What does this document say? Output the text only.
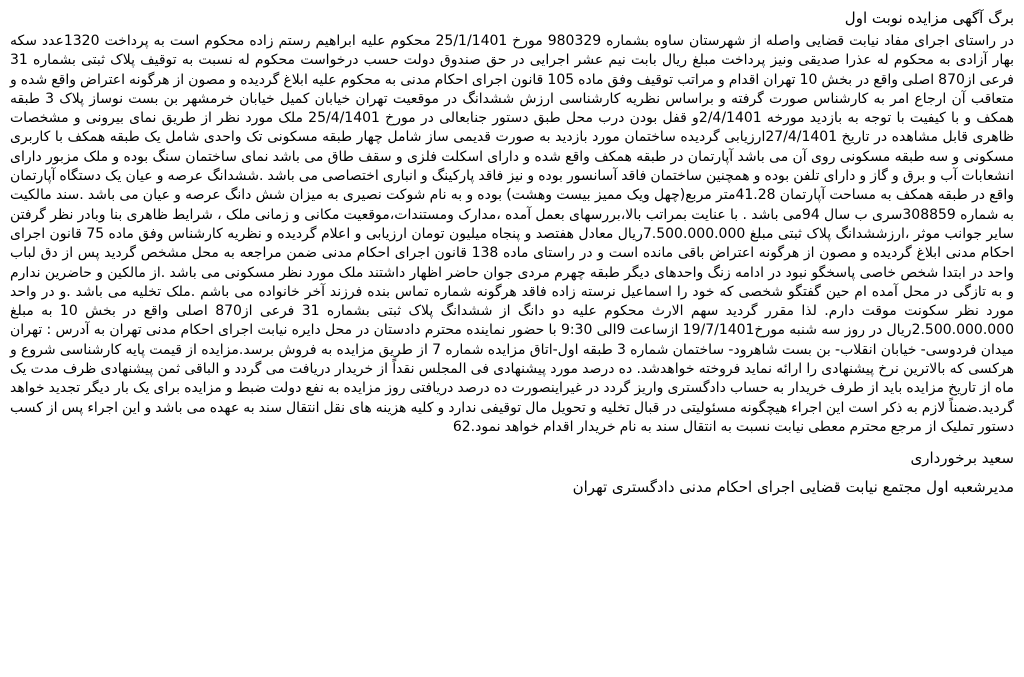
برگ آگهی مزایده نوبت اول

در راستای اجرای مفاد نیابت قضایی واصله از شهرستان ساوه بشماره 980329 مورخ 25/1/1401 محکوم علیه ابراهیم رستم زاده محکوم است به پرداخت 1320عدد سکه بهار آزادی به محکوم له عذرا صدیقی ونیز پرداخت مبلغ ریال بابت نیم عشر اجرایی در حق صندوق دولت حسب درخواست محکوم له نسبت به توقیف پلاک ثبتی بشماره 31 فرعی از870 اصلی واقع در بخش 10 تهران اقدام و مراتب توقیف وفق ماده 105 قانون اجرای احکام مدنی به محکوم علیه ابلاغ گردیده و مصون از هرگونه اعتراض واقع شده و متعاقب آن ارجاع امر به کارشناس صورت گرفته و براساس نظریه کارشناسی ارزش ششدانگ در موقعیت تهران خیابان کمیل خیابان خرمشهر بن بست نوساز پلاک 3 طبقه همکف و با کیفیت با توجه به بازدید مورخه 2/4/1401و قفل بودن درب محل طبق دستور جنابعالی در مورخ 25/4/1401 ملک مورد نظر از طریق نمای بیرونی و مشخصات ظاهری قابل مشاهده در تاریخ 27/4/1401ارزیابی گردیده ساختمان مورد بازدید به صورت قدیمی ساز شامل چهار طبقه مسکونی تک واحدی شامل یک طبقه همکف با کاربری مسکونی و سه طبقه مسکونی روی آن می باشد آپارتمان در طبقه همکف واقع شده و دارای اسکلت فلزی و سقف طاق می باشد نمای ساختمان سنگ بوده و ملک مزبور دارای انشعابات آب و برق و گاز و دارای تلفن بوده و همچنین ساختمان فاقد آسانسور بوده و نیز فاقد پارکینگ و انباری اختصاصی می باشد .ششدانگ عرصه و عیان یک دستگاه آپارتمان واقع در طبقه همکف به مساحت آپارتمان 41.28متر مربع(چهل ویک ممیز بیست وهشت) بوده و به نام شوکت نصیری به میزان شش دانگ عرصه و عیان می باشد .سند مالکیت به شماره 308859سری ب سال 94می باشد . با عنایت بمراتب بالا،بررسهای بعمل آمده ،مدارک ومستندات،موقعیت مکانی و زمانی ملک ، شرایط ظاهری بنا وبادر نظر گرفتن سایر جوانب موثر ،ارزششدانگ پلاک ثبتی مبلغ 7.500.000.000ریال معادل هفتصد و پنجاه میلیون تومان ارزیابی و اعلام گردیده و نظریه کارشناس وفق ماده 75 قانون اجرای احکام مدنی ابلاغ گردیده و مصون از هرگونه اعتراض باقی مانده است و در راستای ماده 138 قانون اجرای احکام مدنی ضمن مراجعه به محل مشخص گردید پس از دق لباب واحد در ابتدا شخص خاصی پاسخگو نبود در ادامه زنگ واحدهای دیگر طبقه چهرم مردی جوان حاضر اظهار داشتند ملک مورد نظر مسکونی می باشد .از مالکین و حاضرین ندارم و به تازگی در محل آمده ام حین گفتگو شخصی که خود را اسماعیل نرسته زاده فاقد هرگونه شماره تماس بنده فرزند آخر خانواده می باشم .ملک تخلیه می باشد .و در واحد مورد نظر سکونت موقت دارم. لذا مقرر گردید سهم الارث محکوم علیه دو دانگ از ششدانگ پلاک ثبتی بشماره 31 فرعی از870 اصلی واقع در بخش 10 به مبلغ 2.500.000.000ریال در روز سه شنبه مورخ19/7/1401 ازساعت 9الی 9:30 با حضور نماینده محترم دادستان در محل دایره نیابت اجرای احکام مدنی تهران به آدرس : تهران میدان فردوسی- خیابان انقلاب- بن بست شاهرود- ساختمان شماره 3 طبقه اول-اتاق مزایده شماره 7 از طریق مزایده به فروش برسد.مزایده از قیمت پایه کارشناسی شروع و هرکسی که بالاترین نرخ پیشنهادی را ارائه نماید فروخته خواهدشد. ده درصد مورد پیشنهادی فی المجلس نقداً از خریدار دریافت می گردد و الباقی ثمن پیشنهادی ظرف مدت یک ماه از تاریخ مزایده باید از طرف خریدار به حساب دادگستری واریز گردد در غیراینصورت ده درصد دریافتی روز مزایده به نفع دولت ضبط و مزایده برای یک بار دیگر تجدید خواهد گردید.ضمناً لازم به ذکر است این اجراء هیچگونه مسئولیتی در قبال تخلیه و تحویل مال توقیفی ندارد و کلیه هزینه های نقل انتقال سند به عهده می باشد و این اجراء پس از کسب دستور تملیک از مرجع محترم معطی نیابت نسبت به انتقال سند به نام خریدار اقدام خواهد نمود.62

سعید برخورداری
مدیرشعبه اول مجتمع نیابت قضایی اجرای احکام مدنی دادگستری تهران
